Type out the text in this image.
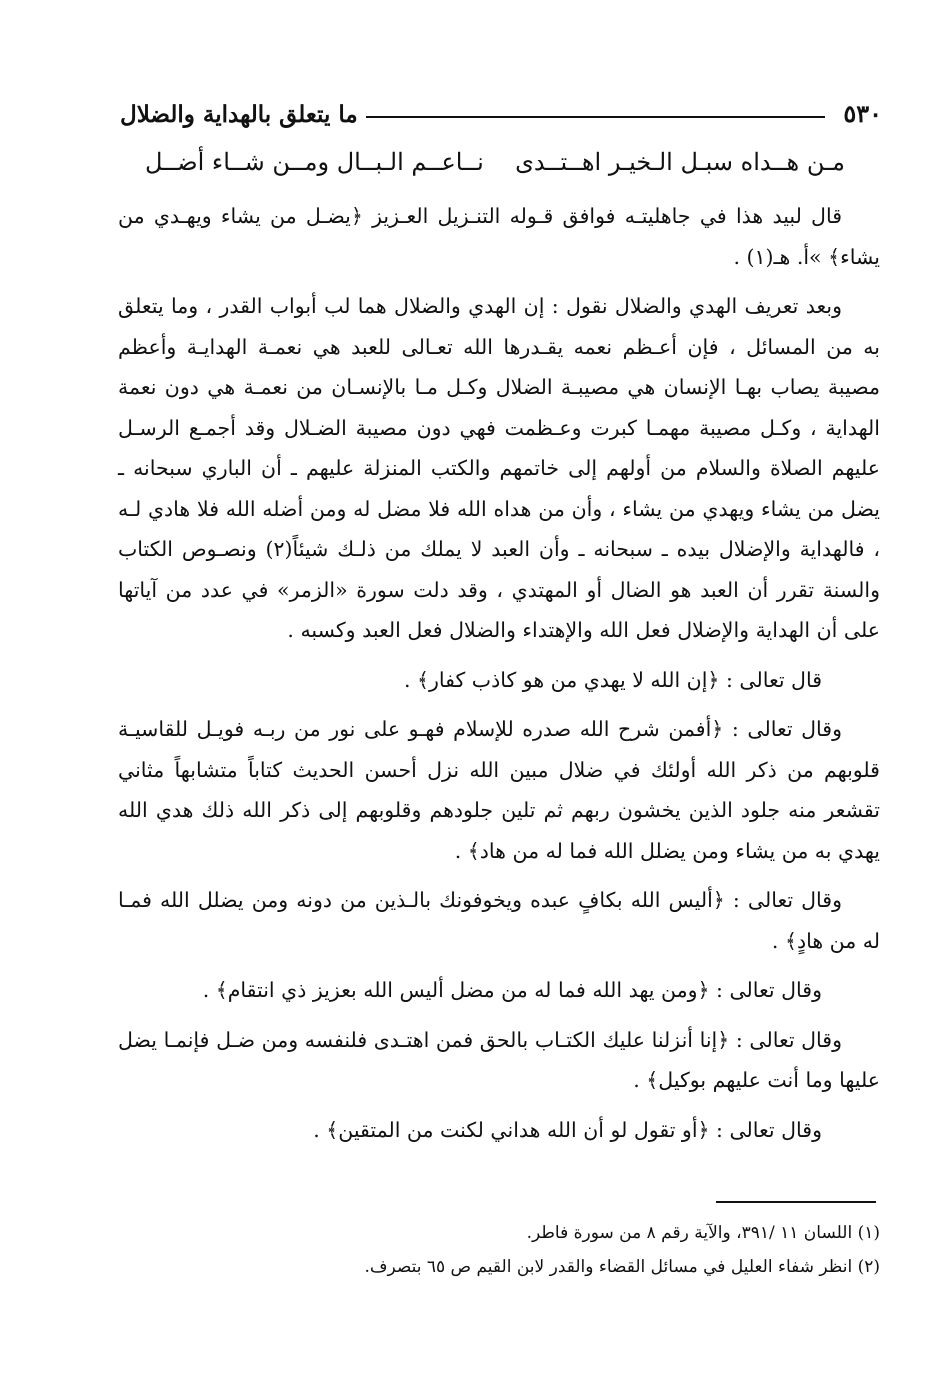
٥٣٠
ما يتعلق بالهداية والضلال
مـن هــداه سبـل الـخيـر اهــتــدى
نــاعــم الـبــال ومــن شــاء أضــل

قال لبيد هذا في جاهليتـه فوافق قـوله التنـزيل العـزيز ﴿يضـل من يشاء ويهـدي من يشاء﴾ »أ. هـ(١) .

وبعد تعريف الهدي والضلال نقول : إن الهدي والضلال هما لب أبواب القدر ، وما يتعلق به من المسائل ، فإن أعـظم نعمه يقـدرها الله تعـالى للعبد هي نعمـة الهدايـة وأعظم مصيبة يصاب بهـا الإنسان هي مصيبـة الضلال وكـل مـا بالإنسـان من نعمـة هي دون نعمة الهداية ، وكـل مصيبة مهمـا كبرت وعـظمت فهي دون مصيبة الضـلال وقد أجمـع الرسـل عليهم الصلاة والسلام من أولهم إلى خاتمهم والكتب المنزلة عليهم ـ أن الباري سبحانه ـ يضل من يشاء ويهدي من يشاء ، وأن من هداه الله فلا مضل له ومن أضله الله فلا هادي لـه ، فالهداية والإضلال بيده ـ سبحانه ـ وأن العبد لا يملك من ذلـك شيئاً(٢) ونصـوص الكتاب والسنة تقرر أن العبد هو الضال أو المهتدي ، وقد دلت سورة «الزمر» في عدد من آياتها على أن الهداية والإضلال فعل الله والإهتداء والضلال فعل العبد وكسبه .

قال تعالى : ﴿إن الله لا يهدي من هو كاذب كفار﴾ .

وقال تعالى : ﴿أفمن شرح الله صدره للإسلام فهـو على نور من ربـه فويـل للقاسيـة قلوبهم من ذكر الله أولئك في ضلال مبين الله نزل أحسن الحديث كتاباً متشابهاً مثاني تقشعر منه جلود الذين يخشون ربهم ثم تلين جلودهم وقلوبهم إلى ذكر الله ذلك هدي الله يهدي به من يشاء ومن يضلل الله فما له من هاد﴾ .

وقال تعالى : ﴿أليس الله بكافٍ عبده ويخوفونك بالـذين من دونه ومن يضلل الله فمـا له من هادٍ﴾ .

وقال تعالى : ﴿ومن يهد الله فما له من مضل أليس الله بعزيز ذي انتقام﴾ .

وقال تعالى : ﴿إنا أنزلنا عليك الكتـاب بالحق فمن اهتـدى فلنفسه ومن ضـل فإنمـا يضل عليها وما أنت عليهم بوكيل﴾ .

وقال تعالى : ﴿أو تقول لو أن الله هداني لكنت من المتقين﴾ .

(١) اللسان ١١ /٣٩١، والآية رقم ٨ من سورة فاطر.
(٢) انظر شفاء العليل في مسائل القضاء والقدر لابن القيم ص ٦٥ بتصرف.
